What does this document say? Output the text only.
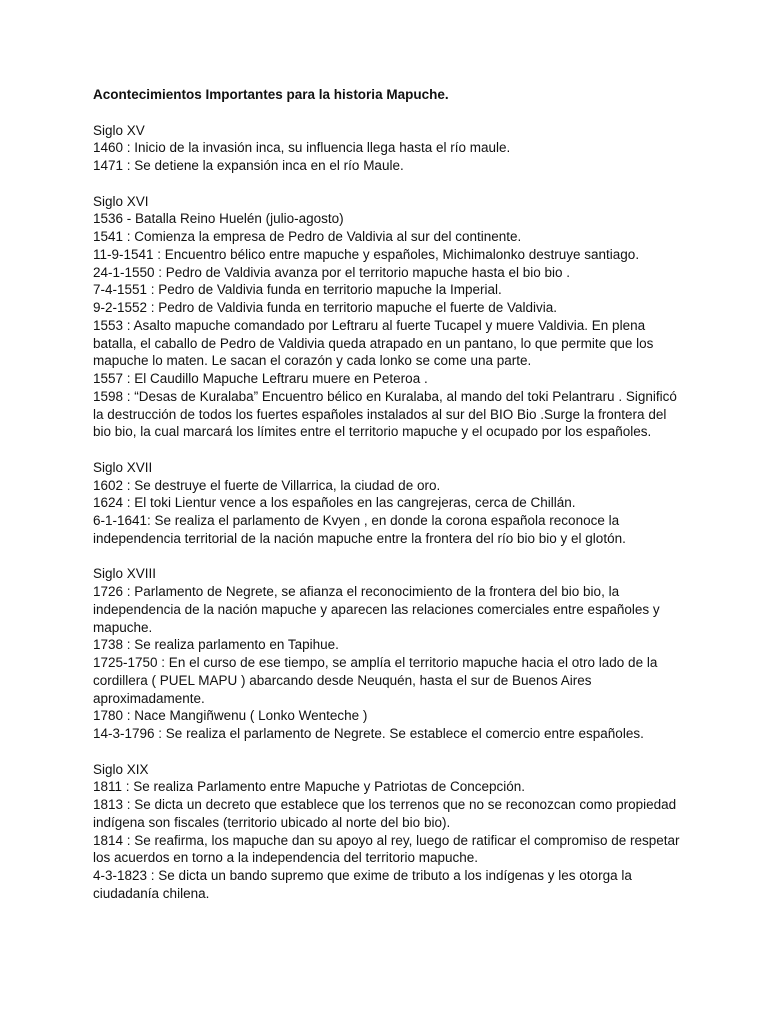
Acontecimientos Importantes para la historia Mapuche.

Siglo XV

1460 : Inicio de la invasión inca, su influencia llega hasta el río maule.

1471 : Se detiene la expansión inca en el río Maule.

Siglo XVI

1536 - Batalla Reino Huelén (julio-agosto)

1541 : Comienza la empresa de Pedro de Valdivia al sur del continente.

11-9-1541 : Encuentro bélico entre mapuche y españoles, Michimalonko destruye santiago.

24-1-1550 : Pedro de Valdivia avanza por el territorio mapuche hasta el bio bio .

7-4-1551 : Pedro de Valdivia funda en territorio mapuche la Imperial.

9-2-1552 : Pedro de Valdivia funda en territorio mapuche el fuerte de Valdivia.

1553 : Asalto mapuche comandado por Leftraru al fuerte Tucapel y muere Valdivia. En plena batalla, el caballo de Pedro de Valdivia queda atrapado en un pantano, lo que permite que los mapuche lo maten. Le sacan el corazón y cada lonko se come una parte.

1557 : El Caudillo Mapuche Leftraru muere en Peteroa .

1598 : “Desas de Kuralaba” Encuentro bélico en Kuralaba, al mando del toki Pelantraru . Significó la destrucción de todos los fuertes españoles instalados al sur del BIO Bio .Surge la frontera del bio bio, la cual marcará los límites entre el territorio mapuche y el ocupado por los españoles.

Siglo XVII

1602 : Se destruye el fuerte de Villarrica, la ciudad de oro.

1624 : El toki Lientur vence a los españoles en las cangrejeras, cerca de Chillán.

6-1-1641: Se realiza el parlamento de Kvyen , en donde la corona española reconoce la independencia territorial de la nación mapuche entre la frontera del río bio bio y el glotón.

Siglo XVIII

1726 : Parlamento de Negrete, se afianza el reconocimiento de la frontera del bio bio, la independencia de la nación mapuche y aparecen las relaciones comerciales entre españoles y mapuche.

1738 : Se realiza parlamento en Tapihue.

1725-1750 : En el curso de ese tiempo, se amplía el territorio mapuche hacia el otro lado de la cordillera ( PUEL MAPU ) abarcando desde Neuquén, hasta el sur de Buenos Aires aproximadamente.

1780 : Nace Mangiñwenu ( Lonko Wenteche )

14-3-1796 : Se realiza el parlamento de Negrete. Se establece el comercio entre españoles.

Siglo XIX

1811 : Se realiza Parlamento entre Mapuche y Patriotas de Concepción.

1813 : Se dicta un decreto que establece que los terrenos que no se reconozcan como propiedad indígena son fiscales (territorio ubicado al norte del bio bio).

1814 : Se reafirma, los mapuche dan su apoyo al rey, luego de ratificar el compromiso de respetar los acuerdos en torno a la independencia del territorio mapuche.

4-3-1823 : Se dicta un bando supremo que exime de tributo a los indígenas y les otorga la ciudadanía chilena.
